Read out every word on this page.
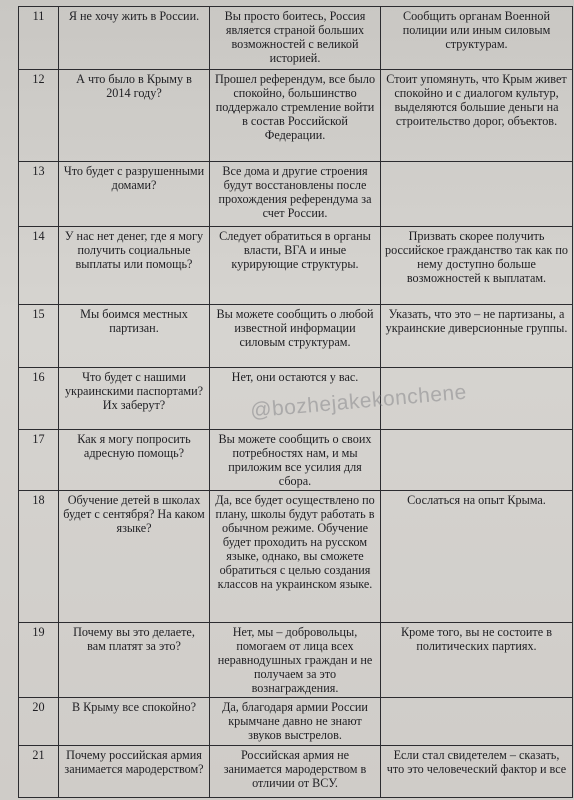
11	Я не хочу жить в России.	Вы просто боитесь, Россия является страной больших возможностей с великой историей.	Сообщить органам Военной полиции или иным силовым структурам.
12	А что было в Крыму в 2014 году?	Прошел референдум, все было спокойно, большинство поддержало стремление войти в состав Российской Федерации.	Стоит упомянуть, что Крым живет спокойно и с диалогом культур, выделяются большие деньги на строительство дорог, объектов.
13	Что будет с разрушенными домами?	Все дома и другие строения будут восстановлены после прохождения референдума за счет России.	
14	У нас нет денег, где я могу получить социальные выплаты или помощь?	Следует обратиться в органы власти, ВГА и иные курирующие структуры.	Призвать скорее получить российское гражданство так как по нему доступно больше возможностей к выплатам.
15	Мы боимся местных партизан.	Вы можете сообщить о любой известной информации силовым структурам.	Указать, что это – не партизаны, а украинские диверсионные группы.
16	Что будет с нашими украинскими паспортами? Их заберут?	Нет, они остаются у вас.	
17	Как я могу попросить адресную помощь?	Вы можете сообщить о своих потребностях нам, и мы приложим все усилия для сбора.	
18	Обучение детей в школах будет с сентября? На каком языке?	Да, все будет осуществлено по плану, школы будут работать в обычном режиме. Обучение будет проходить на русском языке, однако, вы сможете обратиться с целью создания классов на украинском языке.	Сослаться на опыт Крыма.
19	Почему вы это делаете, вам платят за это?	Нет, мы – добровольцы, помогаем от лица всех неравнодушных граждан и не получаем за это вознаграждения.	Кроме того, вы не состоите в политических партиях.
20	В Крыму все спокойно?	Да, благодаря армии России крымчане давно не знают звуков выстрелов.	
21	Почему российская армия занимается мародерством?	Российская армия не занимается мародерством в отличии от ВСУ.	Если стал свидетелем – сказать, что это человеческий фактор и все
@bozhejakekonchene
